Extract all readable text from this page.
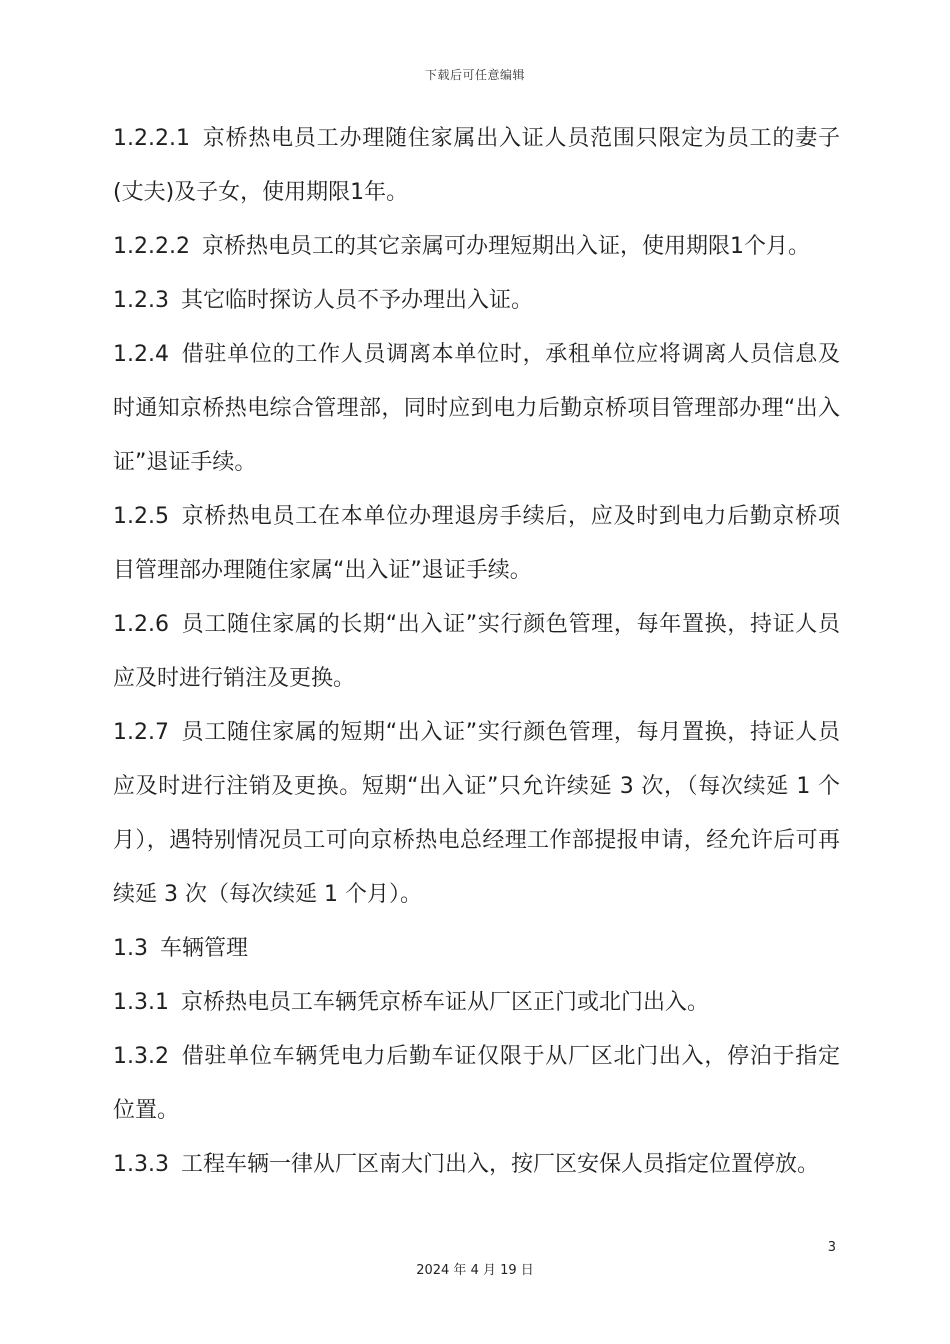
下载后可任意编辑

1.2.2.1 京桥热电员工办理随住家属出入证人员范围只限定为员工的妻子(丈夫)及子女，使用期限1年。

1.2.2.2 京桥热电员工的其它亲属可办理短期出入证，使用期限1个月。

1.2.3 其它临时探访人员不予办理出入证。

1.2.4 借驻单位的工作人员调离本单位时，承租单位应将调离人员信息及时通知京桥热电综合管理部，同时应到电力后勤京桥项目管理部办理“出入证”退证手续。

1.2.5 京桥热电员工在本单位办理退房手续后，应及时到电力后勤京桥项目管理部办理随住家属“出入证”退证手续。

1.2.6 员工随住家属的长期“出入证”实行颜色管理，每年置换，持证人员应及时进行销注及更换。

1.2.7 员工随住家属的短期“出入证”实行颜色管理，每月置换，持证人员应及时进行注销及更换。短期“出入证”只允许续延 3 次，（每次续延 1 个月），遇特别情况员工可向京桥热电总经理工作部提报申请，经允许后可再续延 3 次（每次续延 1 个月）。

1.3 车辆管理

1.3.1 京桥热电员工车辆凭京桥车证从厂区正门或北门出入。

1.3.2 借驻单位车辆凭电力后勤车证仅限于从厂区北门出入，停泊于指定位置。

1.3.3 工程车辆一律从厂区南大门出入，按厂区安保人员指定位置停放。

3
2024 年 4 月 19 日
